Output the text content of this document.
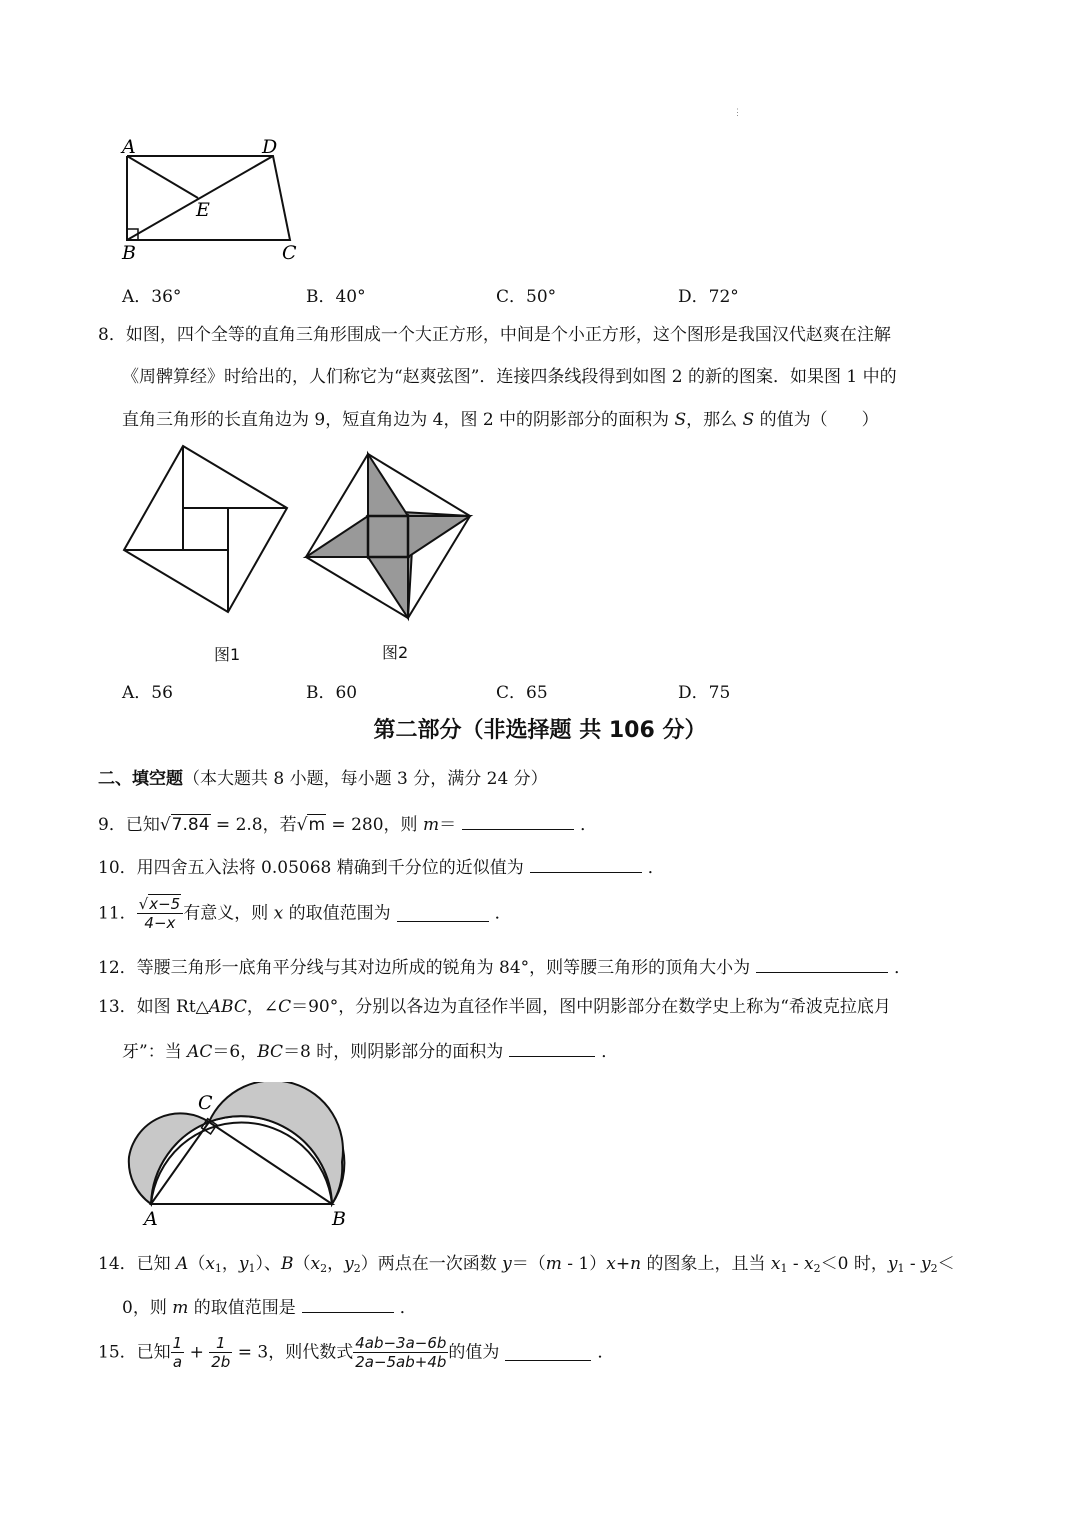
⋮
A	D
E
B	C
A．36°	B．40°	C．50°	D．72°
8．如图，四个全等的直角三角形围成一个大正方形，中间是个小正方形，这个图形是我国汉代赵爽在注解
《周髀算经》时给出的，人们称它为“赵爽弦图”．连接四条线段得到如图 2 的新的图案．如果图 1 中的
直角三角形的长直角边为 9，短直角边为 4，图 2 中的阴影部分的面积为 S，那么 S 的值为（　　）
图1	图2
A．56	B．60	C．65	D．75
第二部分（非选择题 共 106 分）
二、填空题（本大题共 8 小题，每小题 3 分，满分 24 分）
9．已知√7.84 = 2.8，若√m = 280，则 m＝	．
10．用四舍五入法将 0.05068 精确到千分位的近似值为	．
11． $\frac{√x-5}{4-x}$ 有意义，则 x 的取值范围为	．
12．等腰三角形一底角平分线与其对边所成的锐角为 84°，则等腰三角形的顶角大小为	．
13．如图 Rt△ABC，∠C＝90°，分别以各边为直径作半圆，图中阴影部分在数学史上称为“希波克拉底月
牙”：当 AC＝6，BC＝8 时，则阴影部分的面积为	．
C
A	B
14．已知 $A(x_1$，$y_1$）、$B(x_2$，$y_2$）两点在一次函数 y＝（m - 1）x+n 的图象上，且当 $x_1 - x_2<0$ 时，$y_1 - y_2<$
0，则 m 的取值范围是	．
15．已知 $\frac{1}{a} + \frac{1}{2b} = 3$，则代数式 $\frac{4ab-3a-6b}{2a-5ab+4b}$ 的值为	．
